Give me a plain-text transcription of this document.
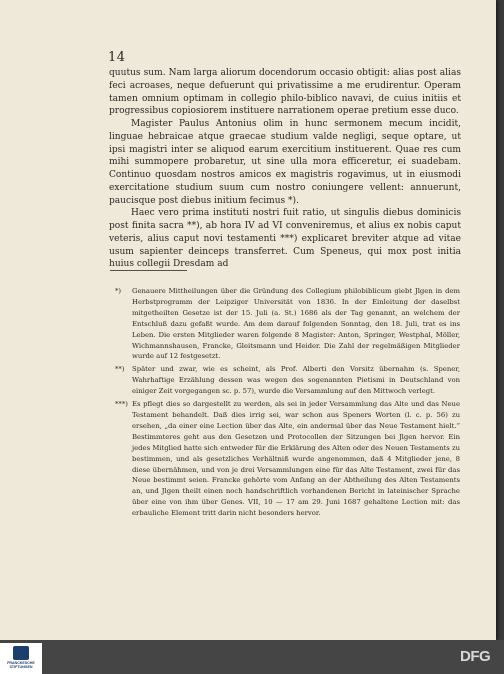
14

quutus sum. Nam larga aliorum docendorum occasio obtigit: alias post alias feci acroases, neque defuerunt qui privatissime a me erudirentur. Operam tamen omnium optimam in collegio philo-biblico navavi, de cuius initiis et progressibus copiosiorem instituere narrationem operae pretium esse duco.

Magister Paulus Antonius olim in hunc sermonem mecum incidit, linguae hebraicae atque graecae studium valde negligi, seque optare, ut ipsi magistri inter se aliquod earum exercitium instituerent. Quae res cum mihi summopere probaretur, ut sine ulla mora efficeretur, ei suadebam. Continuo quosdam nostros amicos ex magistris rogavimus, ut in eiusmodi exercitatione studium suum cum nostro coniungere vellent: annuerunt, paucisque post diebus initium fecimus *).

Haec vero prima instituti nostri fuit ratio, ut singulis diebus dominicis post finita sacra **), ab hora IV ad VI conveniremus, et alius ex nobis caput veteris, alius caput novi testamenti ***) explicaret breviter atque ad vitae usum sapienter deinceps transferret. Cum Speneus, qui mox post initia huius collegii Dresdam ad

*) Genauere Mittheilungen über die Gründung des Collegium philobiblicum giebt Jlgen in dem Herbstprogramm der Leipziger Universität von 1836. In der Einleitung der daselbst mitgetheilten Gesetze ist der 15. Juli (a. St.) 1686 als der Tag genannt, an welchem der Entschluß dazu gefaßt wurde. Am dem darauf folgenden Sonntag, den 18. Juli, trat es ins Leben. Die ersten Mitglieder waren folgende 8 Magister: Anton, Springer, Westphal, Möller, Wichmannshausen, Francke, Gleitsmann und Heider. Die Zahl der regelmäßigen Mitglieder wurde auf 12 festgesetzt.
**) Später und zwar, wie es scheint, als Prof. Alberti den Vorsitz übernahm (s. Spener, Wahrhaftige Erzählung dessen was wegen des sogenannten Pietismi in Deutschland von einiger Zeit vorgegangen sc. p. 57), wurde die Versammlung auf den Mittwoch verlegt.
***) Es pflegt dies so dargestellt zu werden, als sei in jeder Versammlung das Alte und das Neue Testament behandelt. Daß dies irrig sei, war schon aus Speners Worten (l. c. p. 56) zu ersehen, „da einer eine Lection über das Alte, ein andermal über das Neue Testament hielt.“ Bestimmteres geht aus den Gesetzen und Protocollen der Sitzungen bei Jlgen hervor. Ein jedes Mitglied hatte sich entweder für die Erklärung des Alten oder des Neuen Testaments zu bestimmen, und als gesetzliches Verhältniß wurde angenommen, daß 4 Mitglieder jene, 8 diese übernähmen, und von je drei Versammlungen eine für das Alte Testament, zwei für das Neue bestimmt seien. Francke gehörte vom Anfang an der Abtheilung des Alten Testaments an, und Jlgen theilt einen noch handschriftlich vorhandenen Bericht in lateinischer Sprache über eine von ihm über Genes. VII, 10 — 17 am 29. Juni 1687 gehaltene Lection mit: das erbauliche Element tritt darin nicht besonders hervor.
FRANCKESCHE STIFTUNGEN
DFG
